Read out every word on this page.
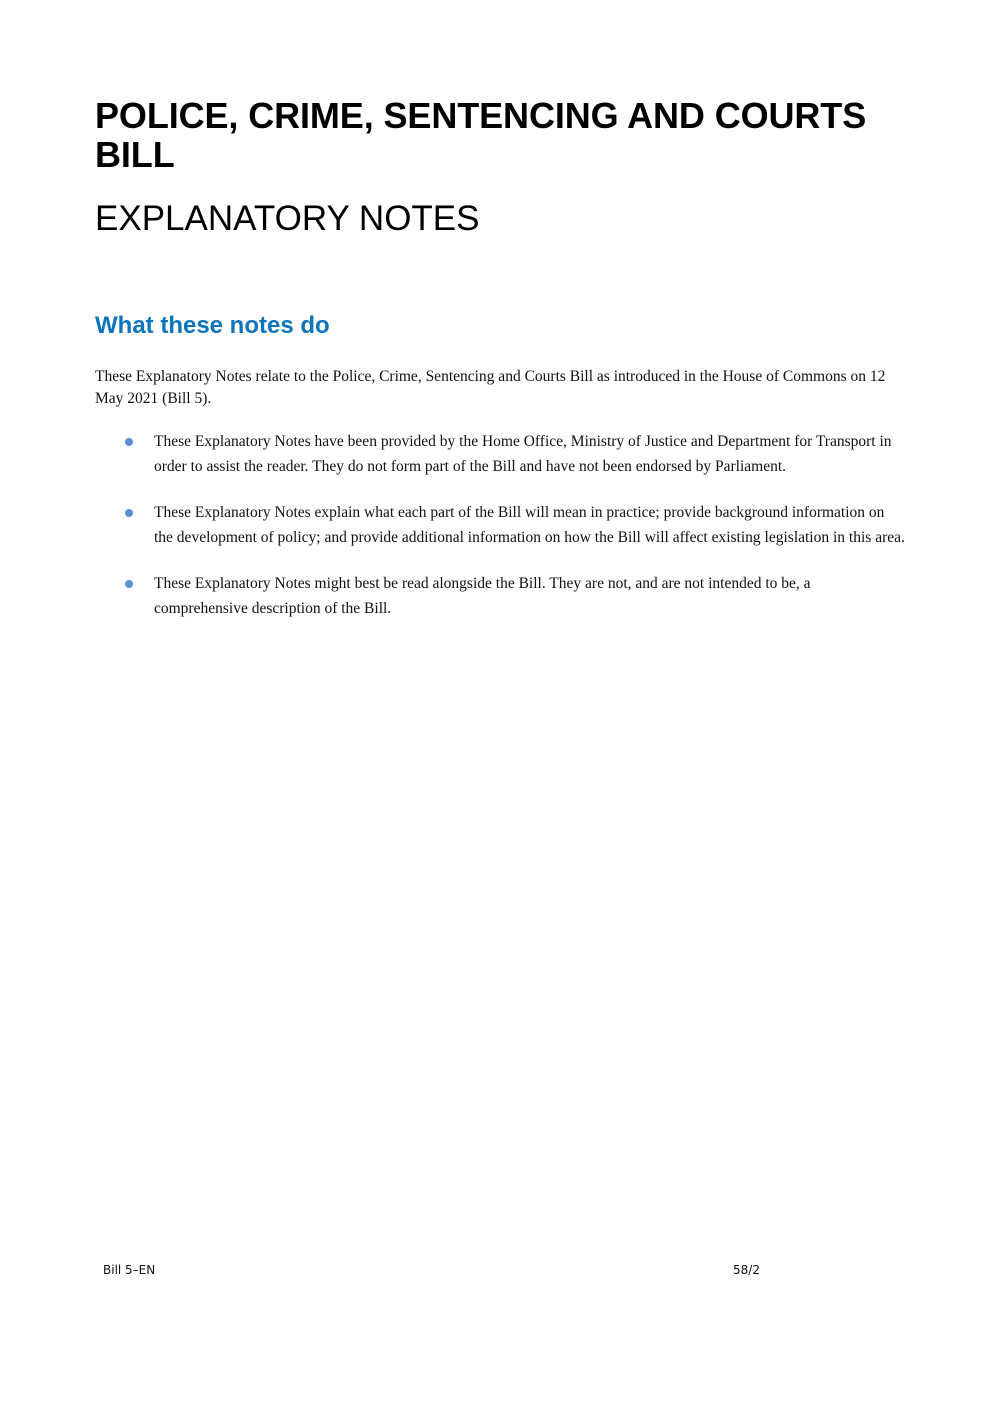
POLICE, CRIME, SENTENCING AND COURTS BILL
EXPLANATORY NOTES
What these notes do

These Explanatory Notes relate to the Police, Crime, Sentencing and Courts Bill as introduced in the House of Commons on 12 May 2021 (Bill 5).

These Explanatory Notes have been provided by the Home Office, Ministry of Justice and Department for Transport in order to assist the reader. They do not form part of the Bill and have not been endorsed by Parliament.
These Explanatory Notes explain what each part of the Bill will mean in practice; provide background information on the development of policy; and provide additional information on how the Bill will affect existing legislation in this area.
These Explanatory Notes might best be read alongside the Bill. They are not, and are not intended to be, a comprehensive description of the Bill.
Bill 5–EN	58/2
